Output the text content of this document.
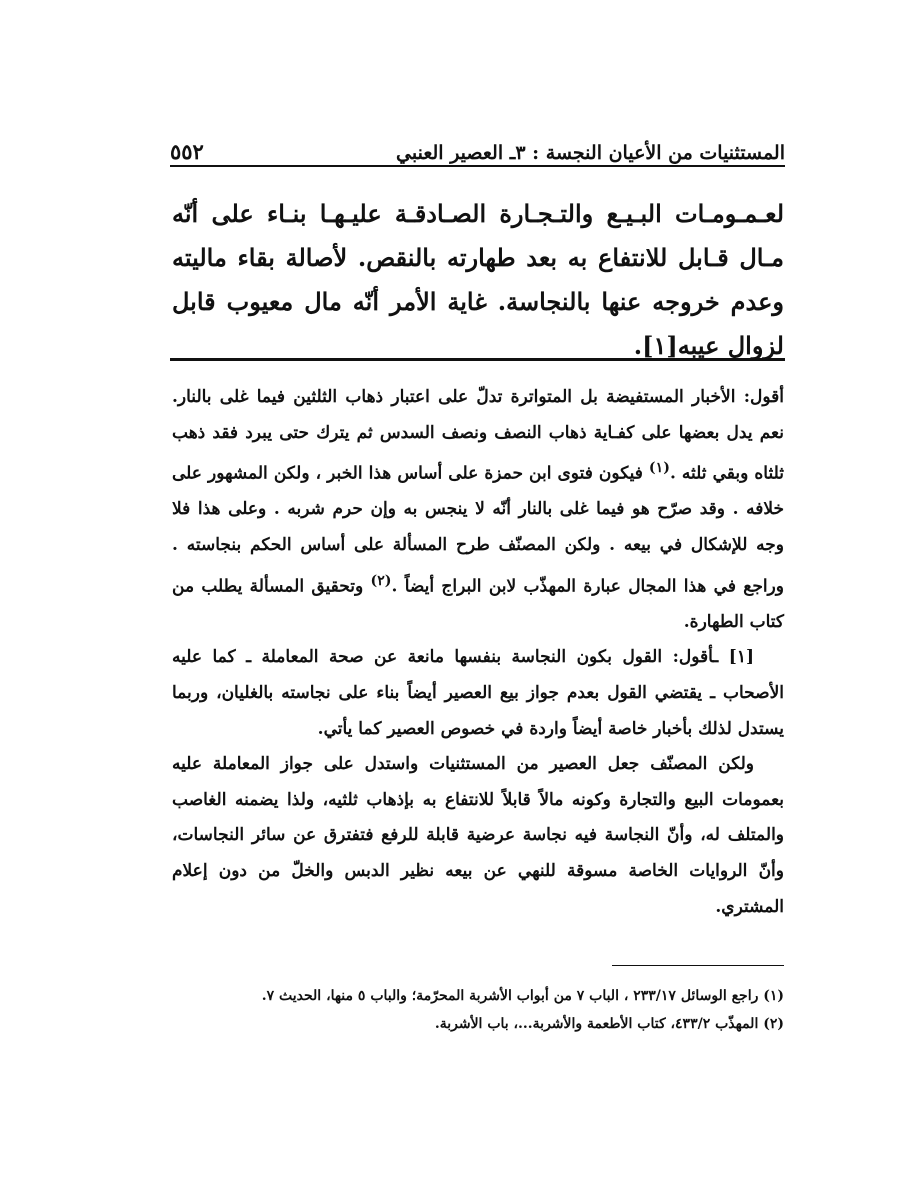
المستثنيات من الأعيان النجسة : ٣ـ العصير العنبي
٥٥٢

لعـمـومـات البـيـع والتـجـارة الصـادقـة عليـهـا بنـاء على أنّه مـال قـابل للانتفاع به بعد طهارته بالنقص. لأصالة بقاء ماليته وعدم خروجه عنها بالنجاسة. غاية الأمر أنّه مال معيوب قابل لزوال عيبه[١].

أقول: الأخبار المستفيضة بل المتواترة تدلّ على اعتبار ذهاب الثلثين فيما غلى بالنار. نعم يدل بعضها على كفـاية ذهاب النصف ونصف السدس ثم يترك حتى يبرد فقد ذهب ثلثاه وبقي ثلثه .$^{(١)}$ فيكون فتوى ابن حمزة على أساس هذا الخبر ، ولكن المشهور على خلافه . وقد صرّح هو فيما غلى بالنار أنّه لا ينجس به وإن حرم شربه . وعلى هذا فلا وجه للإشكال في بيعه . ولكن المصنّف طرح المسألة على أساس الحكم بنجاسته . وراجع في هذا المجال عبارة المهذّب لابن البراج أيضاً .$^{(٢)}$ وتحقيق المسألة يطلب من كتاب الطهارة.

[١] ـأقول: القول بكون النجاسة بنفسها مانعة عن صحة المعاملة ـ كما عليه الأصحاب ـ يقتضي القول بعدم جواز بيع العصير أيضاً بناء على نجاسته بالغليان، وربما يستدل لذلك بأخبار خاصة أيضاً واردة في خصوص العصير كما يأتي.

ولكن المصنّف جعل العصير من المستثنيات واستدل على جواز المعاملة عليه بعمومات البيع والتجارة وكونه مالاً قابلاً للانتفاع به بإذهاب ثلثيه، ولذا يضمنه الغاصب والمتلف له، وأنّ النجاسة فيه نجاسة عرضية قابلة للرفع فتفترق عن سائر النجاسات، وأنّ الروايات الخاصة مسوقة للنهي عن بيعه نظير الدبس والخلّ من دون إعلام المشتري.

(١) راجع الوسائل ٢٣٣/١٧ ، الباب ٧ من أبواب الأشربة المحرّمة؛ والباب ٥ منها، الحديث ٧.

(٢) المهذّب ٤٣٣/٢، كتاب الأطعمة والأشربة...، باب الأشربة.
